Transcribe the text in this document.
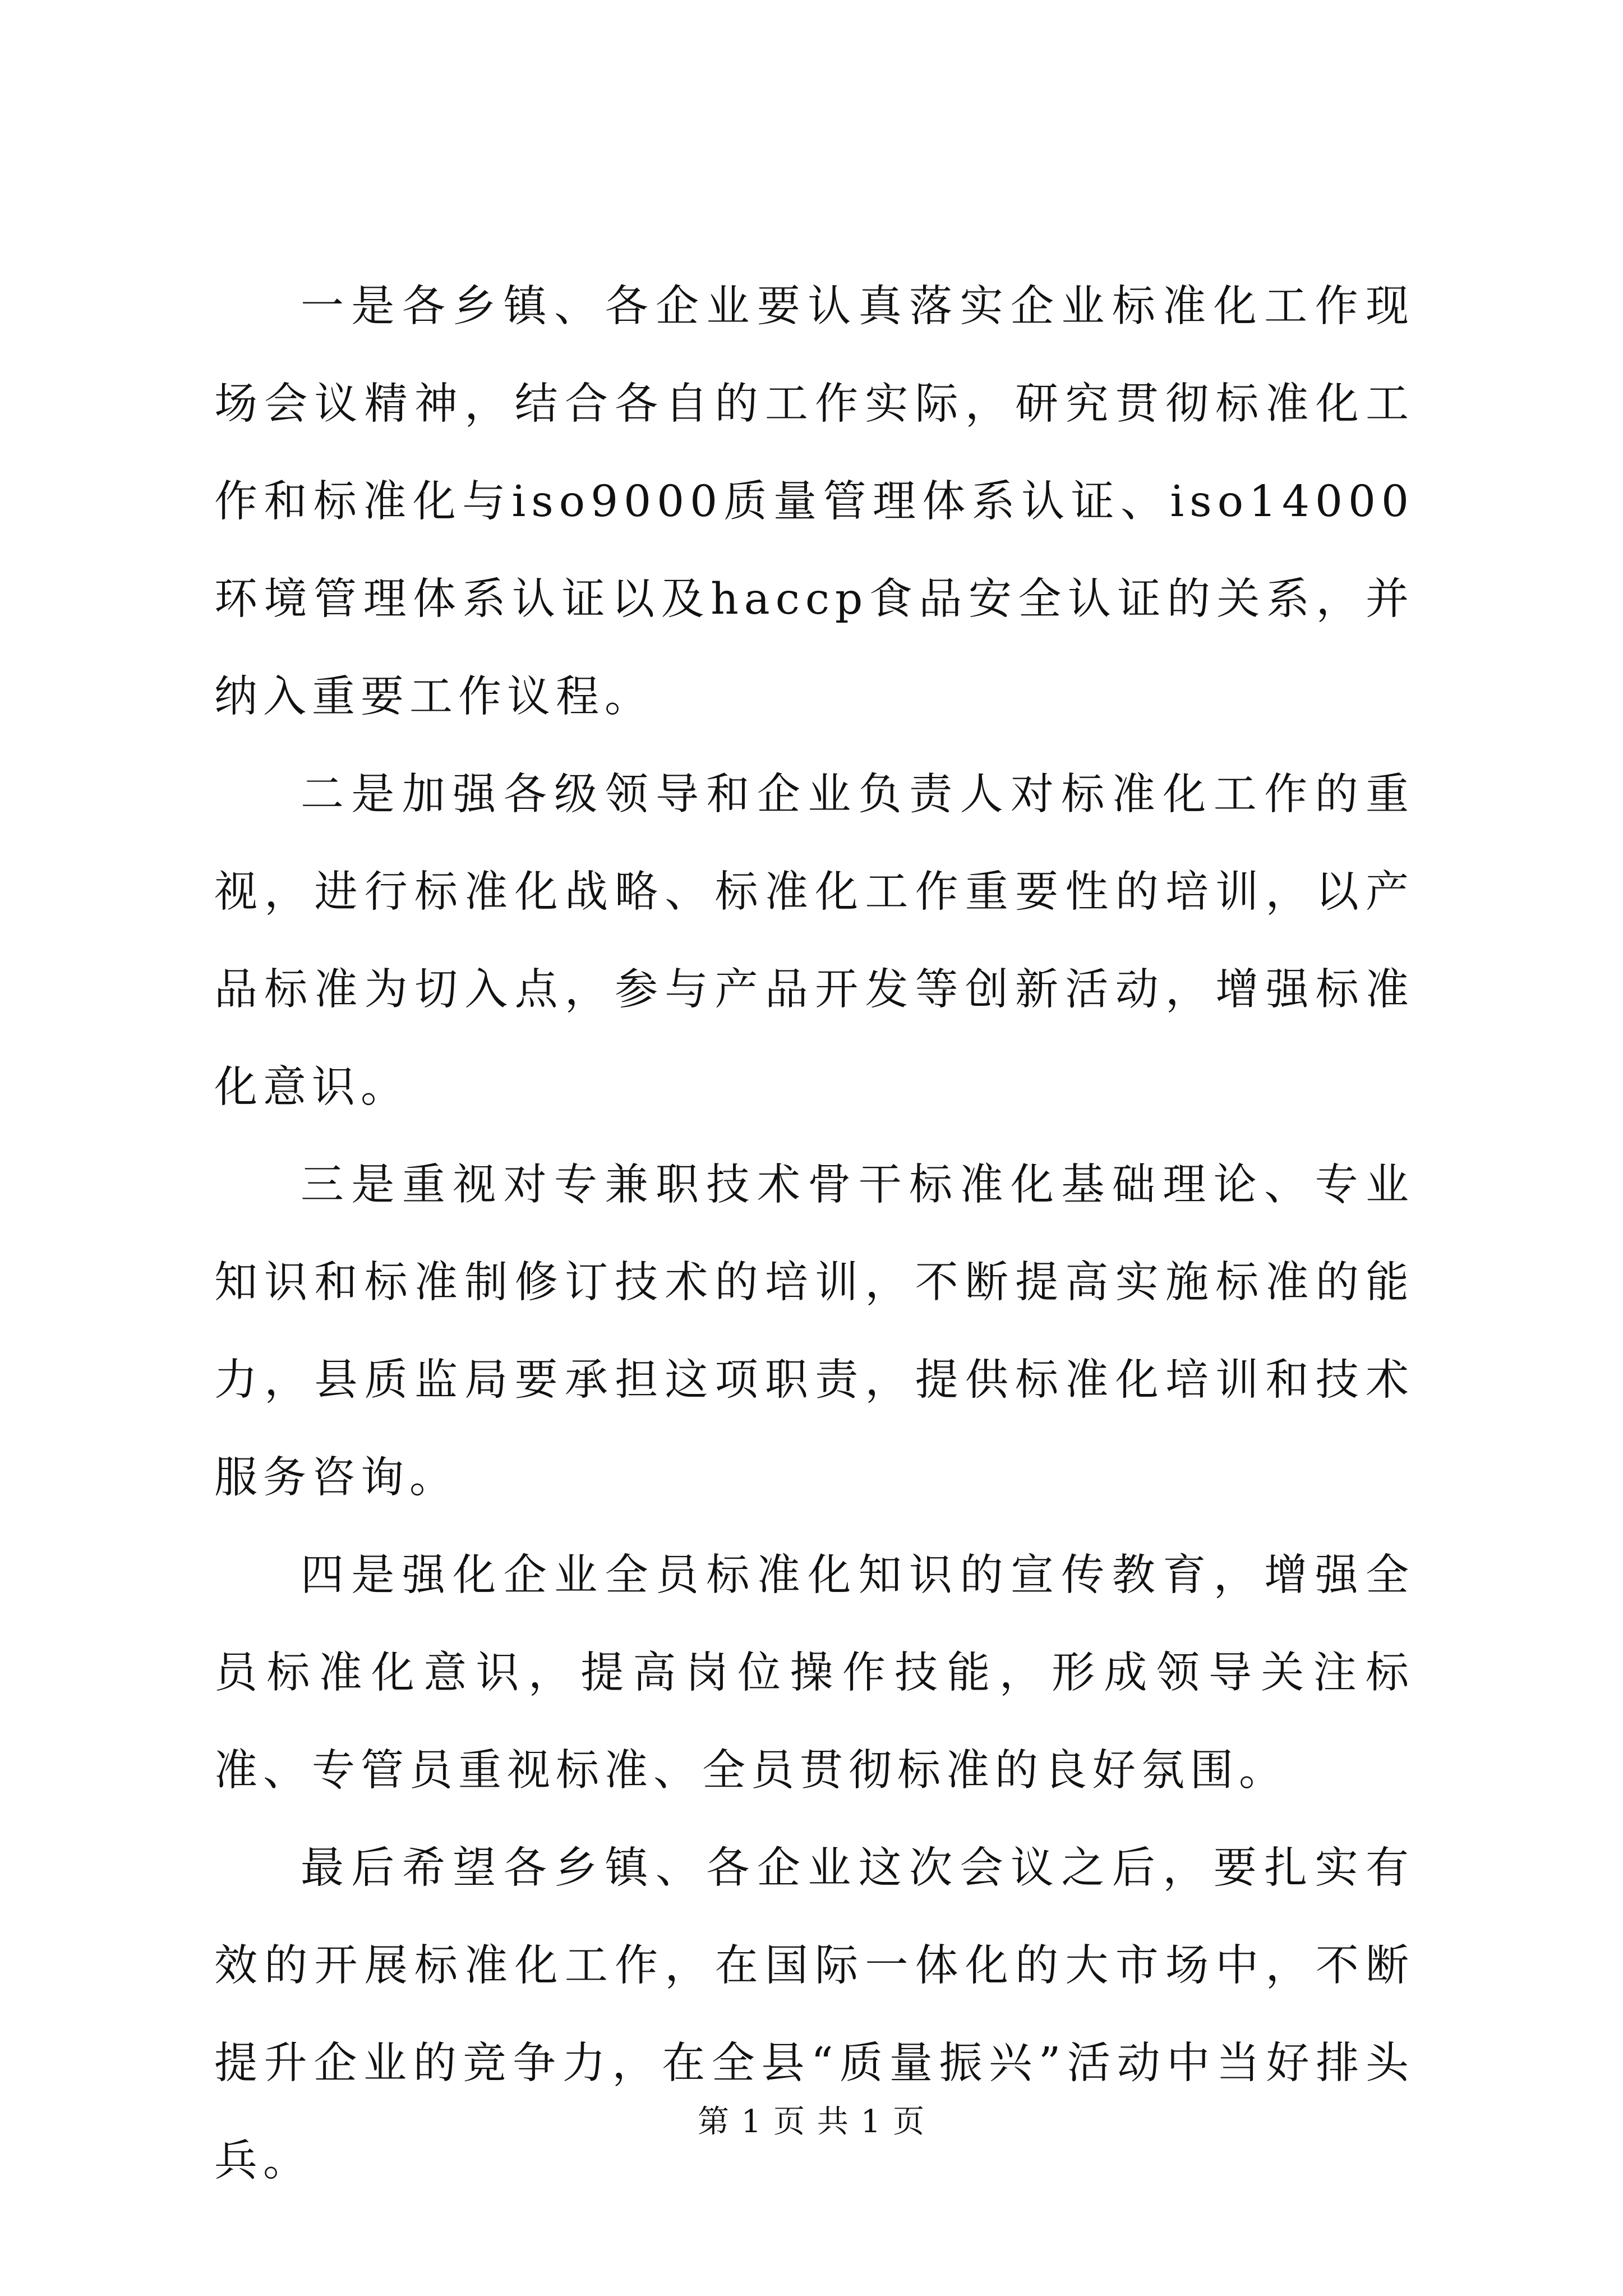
一是各乡镇、各企业要认真落实企业标准化工作现场会议精神，结合各自的工作实际，研究贯彻标准化工作和标准化与iso9000质量管理体系认证、iso14000环境管理体系认证以及haccp食品安全认证的关系，并纳入重要工作议程。

二是加强各级领导和企业负责人对标准化工作的重视，进行标准化战略、标准化工作重要性的培训，以产品标准为切入点，参与产品开发等创新活动，增强标准化意识。

三是重视对专兼职技术骨干标准化基础理论、专业知识和标准制修订技术的培训，不断提高实施标准的能力，县质监局要承担这项职责，提供标准化培训和技术服务咨询。

四是强化企业全员标准化知识的宣传教育，增强全员标准化意识，提高岗位操作技能，形成领导关注标准、专管员重视标准、全员贯彻标准的良好氛围。

最后希望各乡镇、各企业这次会议之后，要扎实有效的开展标准化工作，在国际一体化的大市场中，不断提升企业的竞争力，在全县“质量振兴”活动中当好排头兵。

第 1 页 共 1 页
